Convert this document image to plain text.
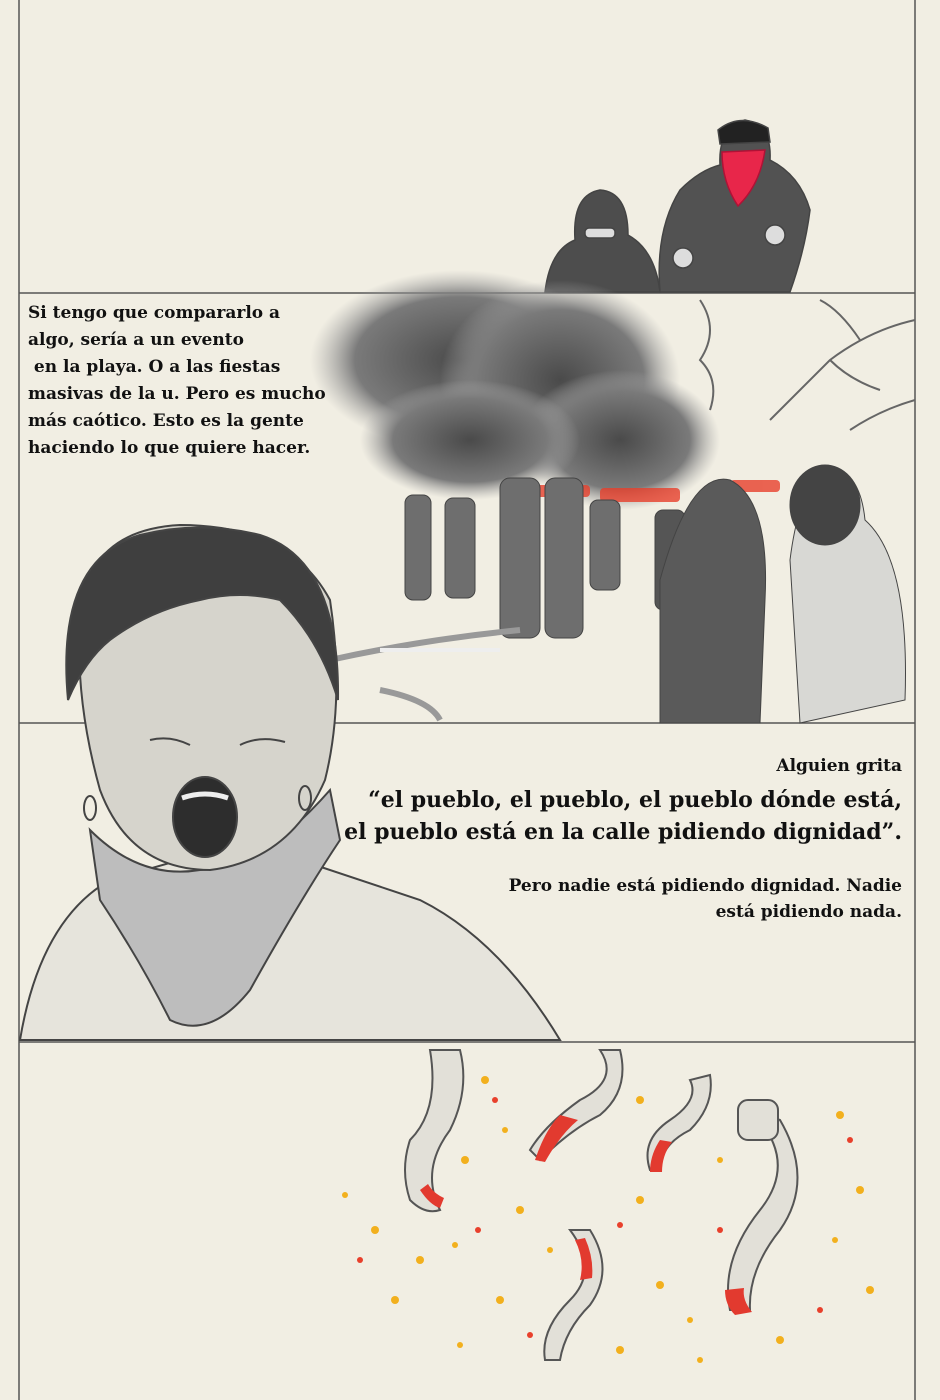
Si tengo que compararlo a
algo, sería a un evento
en la playa. O a las fiestas
masivas de la u. Pero es mucho
más caótico. Esto es la gente
haciendo lo que quiere hacer.
Alguien grita
“el pueblo, el pueblo, el pueblo dónde está,
el pueblo está en la calle pidiendo dignidad”.
Pero nadie está pidiendo dignidad. Nadie
está pidiendo nada.
